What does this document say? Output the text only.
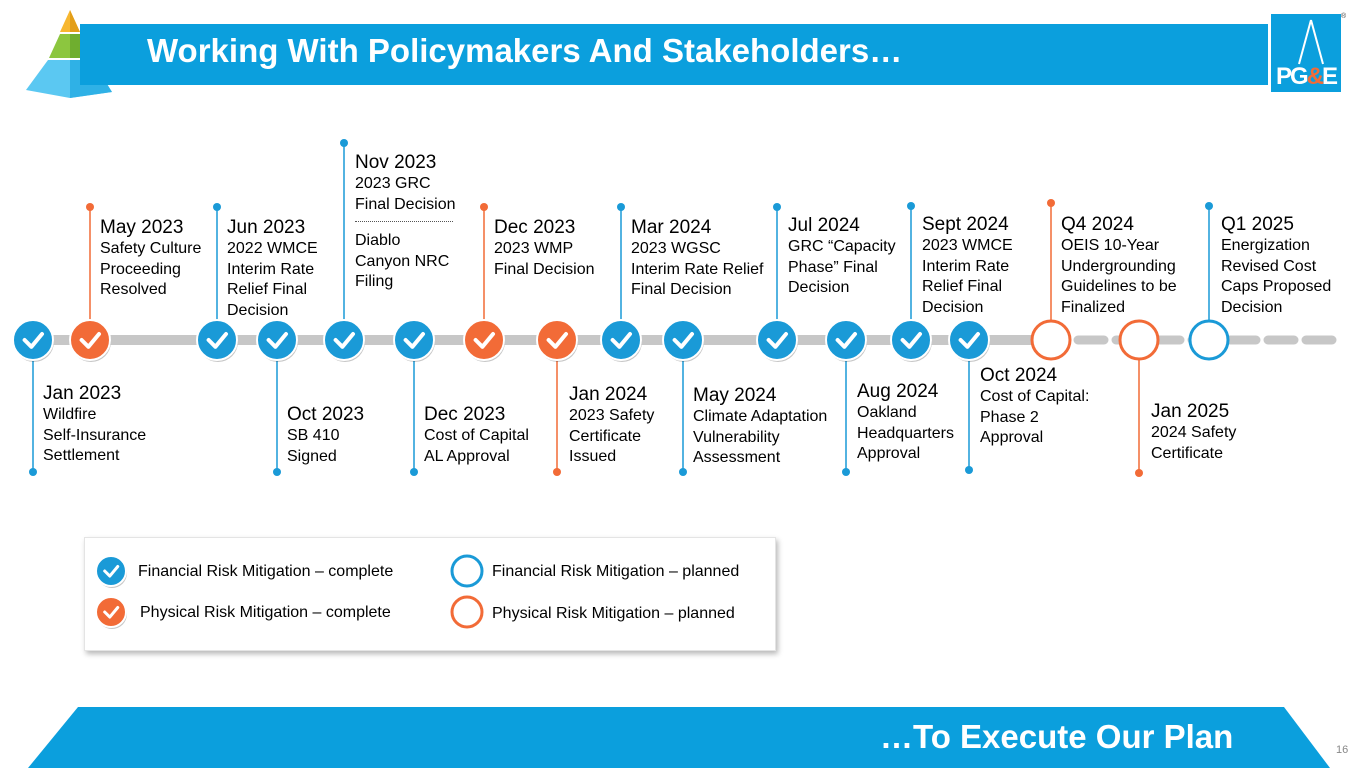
Working With Policymakers And Stakeholders…
PG&E
®
Jan 2023
Wildfire
Self-Insurance
Settlement
May 2023
Safety Culture
Proceeding
Resolved
Jun 2023
2022 WMCE
Interim Rate
Relief Final
Decision
Oct 2023
SB 410
Signed
Nov 2023
2023 GRC
Final Decision
Diablo
Canyon NRC
Filing
Dec 2023
Cost of Capital
AL Approval
Dec 2023
2023 WMP
Final Decision
Jan 2024
2023 Safety
Certificate
Issued
Mar 2024
2023 WGSC
Interim Rate Relief
Final Decision
May 2024
Climate Adaptation
Vulnerability
Assessment
Jul 2024
GRC “Capacity
Phase” Final
Decision
Aug 2024
Oakland
Headquarters
Approval
Sept 2024
2023 WMCE
Interim Rate
Relief Final
Decision
Oct 2024
Cost of Capital:
Phase 2
Approval
Q4 2024
OEIS 10-Year
Undergrounding
Guidelines to be
Finalized
Jan 2025
2024 Safety
Certificate
Q1 2025
Energization
Revised Cost
Caps Proposed
Decision
Financial Risk Mitigation – complete
Physical Risk Mitigation – complete
Financial Risk Mitigation – planned
Physical Risk Mitigation – planned
…To Execute Our Plan	16
